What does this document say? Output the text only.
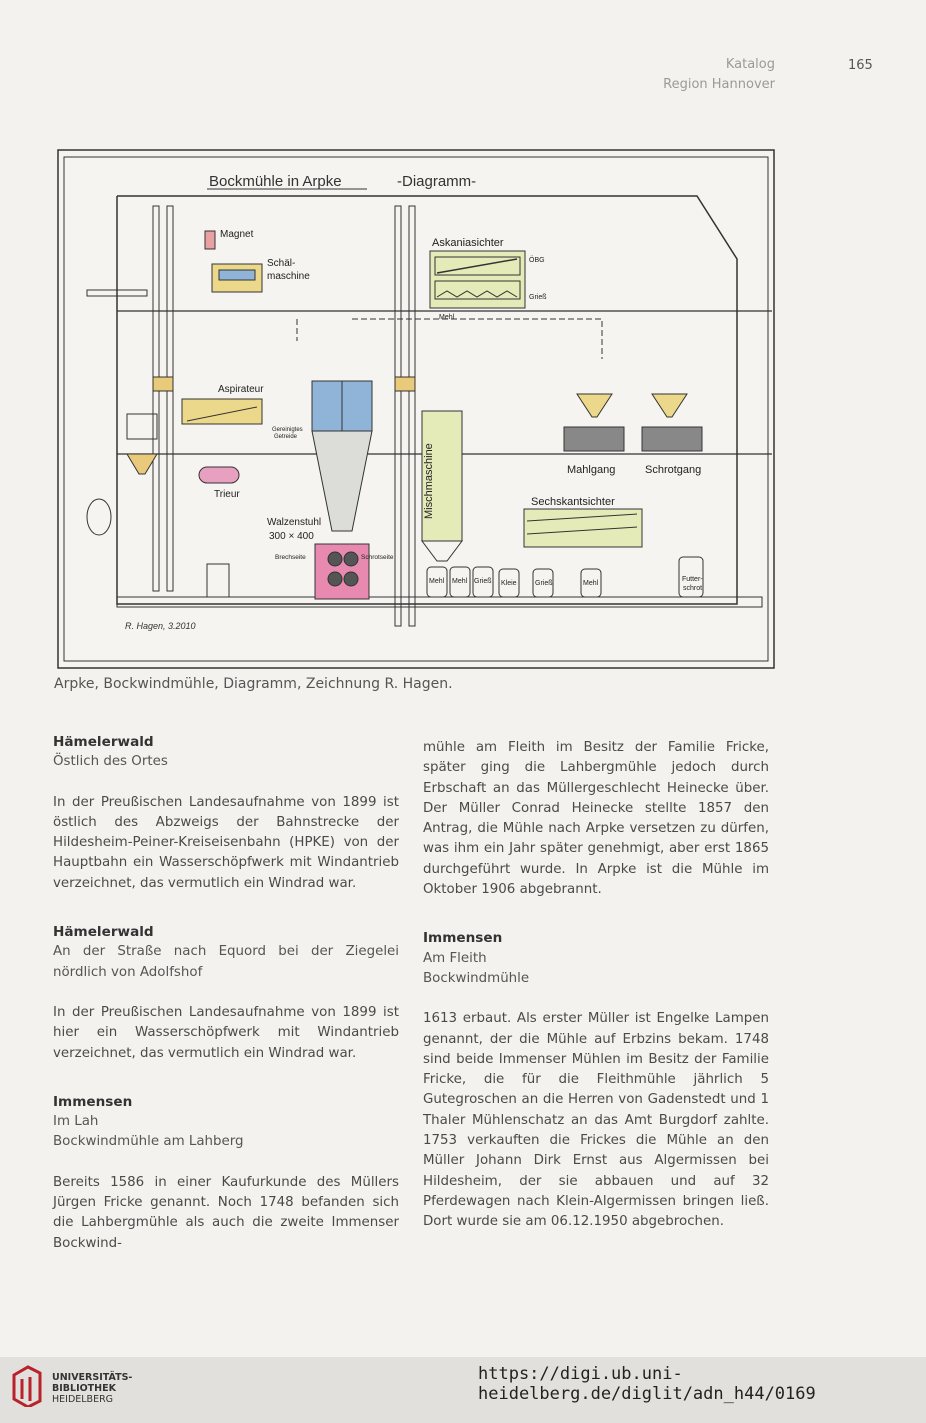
Katalog
Region Hannover
165
Bockmühle in Arpke	-Diagramm-
Magnet
Schäl-
maschine
Askaniasichter
ÖBG
Grieß
Mehl
Aspirateur
Gereinigtes
Getreide
Trieur
Walzenstuhl
300 × 400
Brechseite	Schrotseite
Mischmaschine	Mahlgang	Schrotgang
Sechskantsichter
Mehl Mehl Grieß Kleie	Grieß	Mehl
Futter-
schrot
R. Hagen, 3.2010
Arpke, Bockwindmühle, Diagramm, Zeichnung R. Hagen.
Hämelerwald
Östlich des Ortes

In der Preußischen Landesaufnahme von 1899 ist östlich des Abzweigs der Bahnstrecke der Hildesheim-Peiner-Kreiseisenbahn (HPKE) von der Hauptbahn ein Wasserschöpfwerk mit Windantrieb verzeichnet, das vermutlich ein Windrad war.

Hämelerwald

An der Straße nach Equord bei der Ziegelei nördlich von Adolfshof

In der Preußischen Landesaufnahme von 1899 ist hier ein Wasserschöpfwerk mit Windantrieb verzeichnet, das vermutlich ein Windrad war.

Immensen
Im Lah
Bockwindmühle am Lahberg

Bereits 1586 in einer Kaufurkunde des Müllers Jürgen Fricke genannt. Noch 1748 befanden sich die Lahbergmühle als auch die zweite Immenser Bockwind-

mühle am Fleith im Besitz der Familie Fricke, später ging die Lahbergmühle jedoch durch Erbschaft an das Müllergeschlecht Heinecke über. Der Müller Conrad Heinecke stellte 1857 den Antrag, die Mühle nach Arpke versetzen zu dürfen, was ihm ein Jahr später genehmigt, aber erst 1865 durchgeführt wurde. In Arpke ist die Mühle im Oktober 1906 abgebrannt.

Immensen
Am Fleith
Bockwindmühle

1613 erbaut. Als erster Müller ist Engelke Lampen genannt, der die Mühle auf Erbzins bekam. 1748 sind beide Immenser Mühlen im Besitz der Familie Fricke, die für die Fleithmühle jährlich 5 Gutegroschen an die Herren von Gadenstedt und 1 Thaler Mühlenschatz an das Amt Burgdorf zahlte. 1753 verkauften die Frickes die Mühle an den Müller Johann Dirk Ernst aus Algermissen bei Hildesheim, der sie abbauen und auf 32 Pferdewagen nach Klein-Algermissen bringen ließ. Dort wurde sie am 06.12.1950 abgebrochen.

UNIVERSITÄTS-
BIBLIOTHEK
HEIDELBERG
https://digi.ub.uni-heidelberg.de/diglit/adn_h44/0169
